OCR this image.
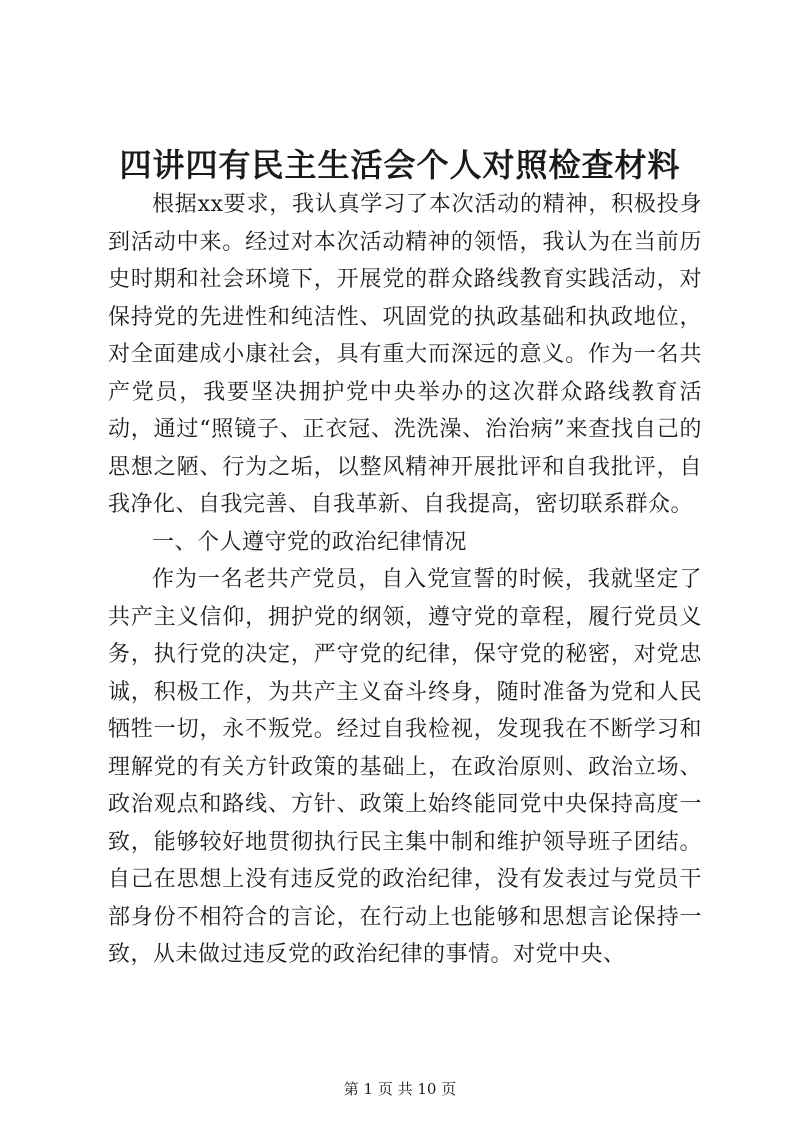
四讲四有民主生活会个人对照检查材料

根据xx要求，我认真学习了本次活动的精神，积极投身到活动中来。经过对本次活动精神的领悟，我认为在当前历史时期和社会环境下，开展党的群众路线教育实践活动，对保持党的先进性和纯洁性、巩固党的执政基础和执政地位，对全面建成小康社会，具有重大而深远的意义。作为一名共产党员，我要坚决拥护党中央举办的这次群众路线教育活动，通过“照镜子、正衣冠、洗洗澡、治治病”来查找自己的思想之陋、行为之垢，以整风精神开展批评和自我批评，自我净化、自我完善、自我革新、自我提高，密切联系群众。

一、个人遵守党的政治纪律情况

作为一名老共产党员，自入党宣誓的时候，我就坚定了共产主义信仰，拥护党的纲领，遵守党的章程，履行党员义务，执行党的决定，严守党的纪律，保守党的秘密，对党忠诚，积极工作，为共产主义奋斗终身，随时准备为党和人民牺牲一切，永不叛党。经过自我检视，发现我在不断学习和理解党的有关方针政策的基础上，在政治原则、政治立场、政治观点和路线、方针、政策上始终能同党中央保持高度一致，能够较好地贯彻执行民主集中制和维护领导班子团结。自己在思想上没有违反党的政治纪律，没有发表过与党员干部身份不相符合的言论，在行动上也能够和思想言论保持一致，从未做过违反党的政治纪律的事情。对党中央、

第 1 页 共 10 页
